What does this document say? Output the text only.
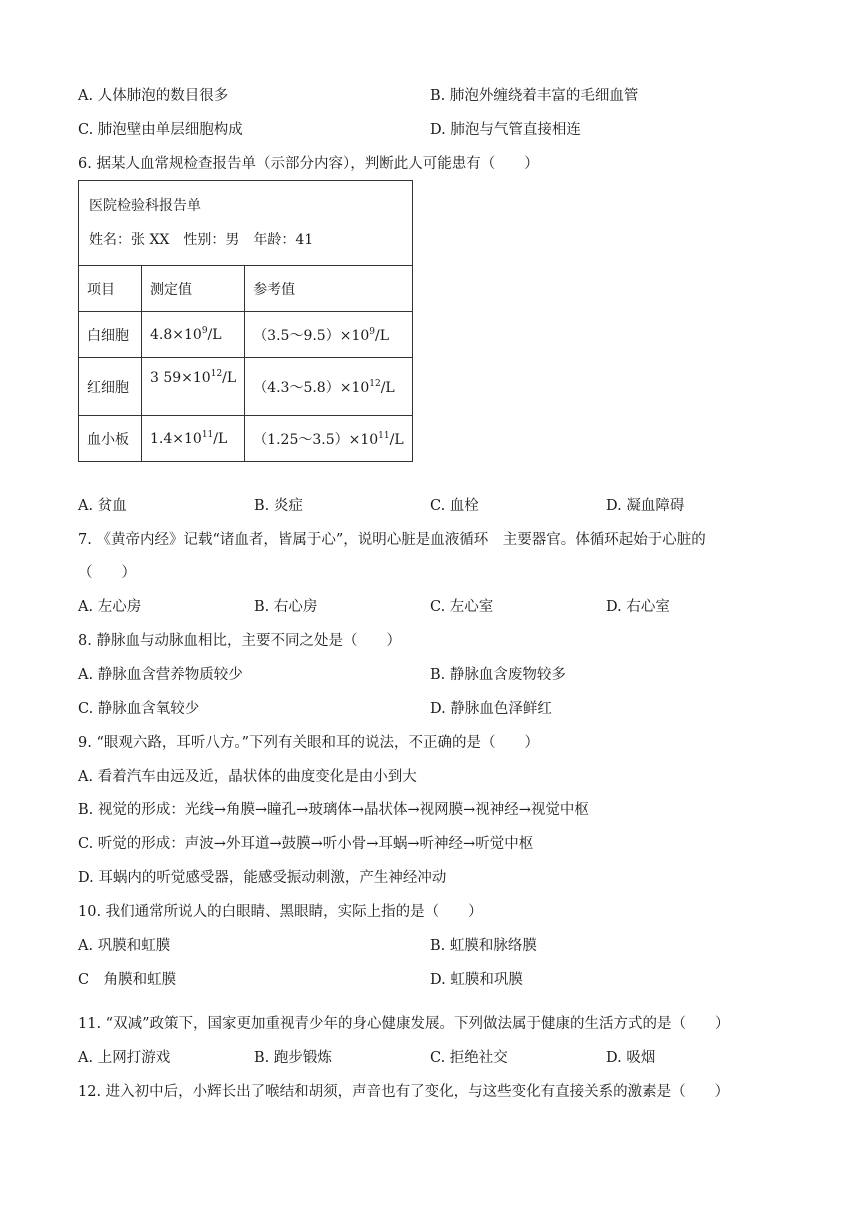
A. 人体肺泡的数目很多	B. 肺泡外缠绕着丰富的毛细血管
C. 肺泡壁由单层细胞构成	D. 肺泡与气管直接相连
6. 据某人血常规检查报告单（示部分内容），判断此人可能患有（　　）
医院检验科报告单
姓名：张 XX　性别：男　年龄：41		

项目	测定值	参考值
白细胞	$4.8\times 10^9/L$	$(3.5\sim 9.5)\times 10^9/L$
红细胞	3 $59\times 10^{12}/L$	$(4.3\sim 5.8)\times 10^{12}/L$
血小板	$1.4\times 10^{11}/L$	$(1.25\sim 3.5)\times 10^{11}/L$
A. 贫血	B. 炎症	C. 血栓	D. 凝血障碍
7. 《黄帝内经》记载“诸血者，皆属于心”，说明心脏是血液循环　主要器官。体循环起始于心脏的
（　　）
A. 左心房	B. 右心房	C. 左心室	D. 右心室
8. 静脉血与动脉血相比，主要不同之处是（　　）
A. 静脉血含营养物质较少	B. 静脉血含废物较多
C. 静脉血含氧较少	D. 静脉血色泽鲜红
9. “眼观六路，耳听八方。”下列有关眼和耳的说法，不正确的是（　　）
A. 看着汽车由远及近，晶状体的曲度变化是由小到大
B. 视觉的形成：光线→角膜→瞳孔→玻璃体→晶状体→视网膜→视神经→视觉中枢
C. 听觉的形成：声波→外耳道→鼓膜→听小骨→耳蜗→听神经→听觉中枢
D. 耳蜗内的听觉感受器，能感受振动刺激，产生神经冲动
10. 我们通常所说人的白眼睛、黑眼睛，实际上指的是（　　）
A. 巩膜和虹膜	B. 虹膜和脉络膜
C　角膜和虹膜	D. 虹膜和巩膜
11. “双减”政策下，国家更加重视青少年的身心健康发展。下列做法属于健康的生活方式的是（　　）
A. 上网打游戏	B. 跑步锻炼	C. 拒绝社交	D. 吸烟
12. 进入初中后，小辉长出了喉结和胡须，声音也有了变化，与这些变化有直接关系的激素是（　　）
